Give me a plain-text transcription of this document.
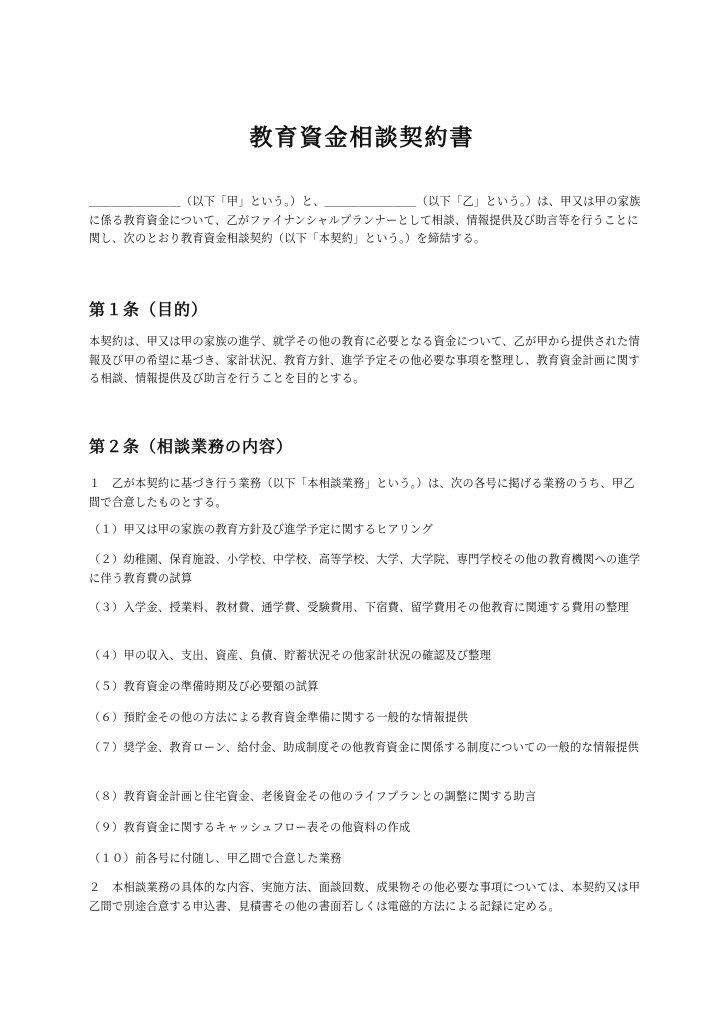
教育資金相談契約書

＿＿＿＿＿＿＿＿（以下「甲」という。）と、＿＿＿＿＿＿＿＿（以下「乙」という。）は、甲又は甲の家族に係る教育資金について、乙がファイナンシャルプランナーとして相談、情報提供及び助言等を行うことに関し、次のとおり教育資金相談契約（以下「本契約」という。）を締結する。

第１条（目的）

本契約は、甲又は甲の家族の進学、就学その他の教育に必要となる資金について、乙が甲から提供された情報及び甲の希望に基づき、家計状況、教育方針、進学予定その他必要な事項を整理し、教育資金計画に関する相談、情報提供及び助言を行うことを目的とする。

第２条（相談業務の内容）

１　乙が本契約に基づき行う業務（以下「本相談業務」という。）は、次の各号に掲げる業務のうち、甲乙間で合意したものとする。

（１）甲又は甲の家族の教育方針及び進学予定に関するヒアリング

（２）幼稚園、保育施設、小学校、中学校、高等学校、大学、大学院、専門学校その他の教育機関への進学に伴う教育費の試算

（３）入学金、授業料、教材費、通学費、受験費用、下宿費、留学費用その他教育に関連する費用の整理

（４）甲の収入、支出、資産、負債、貯蓄状況その他家計状況の確認及び整理

（５）教育資金の準備時期及び必要額の試算

（６）預貯金その他の方法による教育資金準備に関する一般的な情報提供

（７）奨学金、教育ローン、給付金、助成制度その他教育資金に関係する制度についての一般的な情報提供

（８）教育資金計画と住宅資金、老後資金その他のライフプランとの調整に関する助言

（９）教育資金に関するキャッシュフロー表その他資料の作成

（１０）前各号に付随し、甲乙間で合意した業務

２　本相談業務の具体的な内容、実施方法、面談回数、成果物その他必要な事項については、本契約又は甲乙間で別途合意する申込書、見積書その他の書面若しくは電磁的方法による記録に定める。
